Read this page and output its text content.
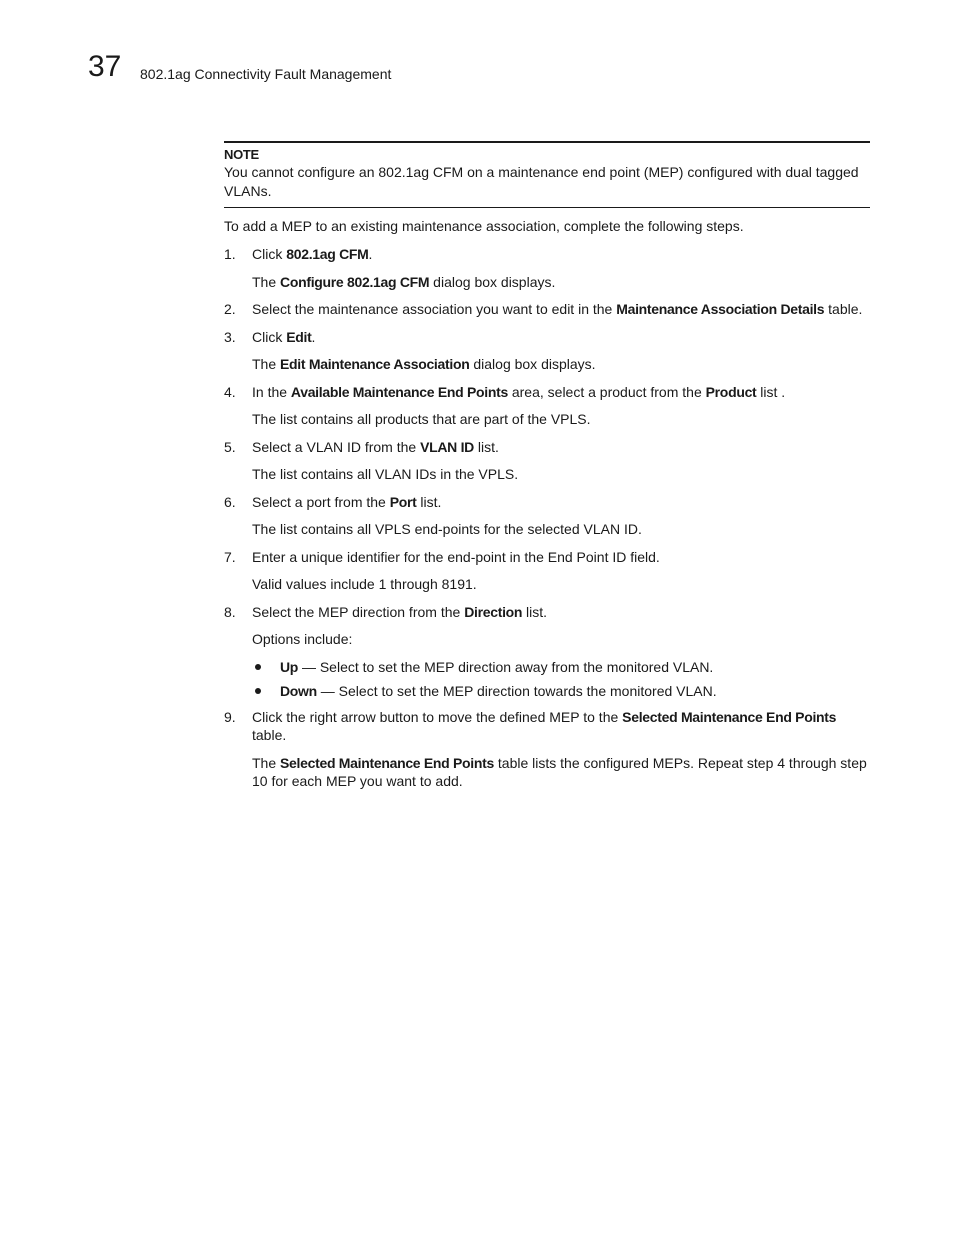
37 802.1ag Connectivity Fault Management
NOTE
You cannot configure an 802.1ag CFM on a maintenance end point (MEP) configured with dual tagged VLANs.
To add a MEP to an existing maintenance association, complete the following steps.
1. Click 802.1ag CFM.
The Configure 802.1ag CFM dialog box displays.
2. Select the maintenance association you want to edit in the Maintenance Association Details table.
3. Click Edit.
The Edit Maintenance Association dialog box displays.
4. In the Available Maintenance End Points area, select a product from the Product list .
The list contains all products that are part of the VPLS.
5. Select a VLAN ID from the VLAN ID list.
The list contains all VLAN IDs in the VPLS.
6. Select a port from the Port list.
The list contains all VPLS end-points for the selected VLAN ID.
7. Enter a unique identifier for the end-point in the End Point ID field.
Valid values include 1 through 8191.
8. Select the MEP direction from the Direction list.
Options include:
Up — Select to set the MEP direction away from the monitored VLAN.
Down — Select to set the MEP direction towards the monitored VLAN.
9. Click the right arrow button to move the defined MEP to the Selected Maintenance End Points table.
The Selected Maintenance End Points table lists the configured MEPs. Repeat step 4 through step 10 for each MEP you want to add.
